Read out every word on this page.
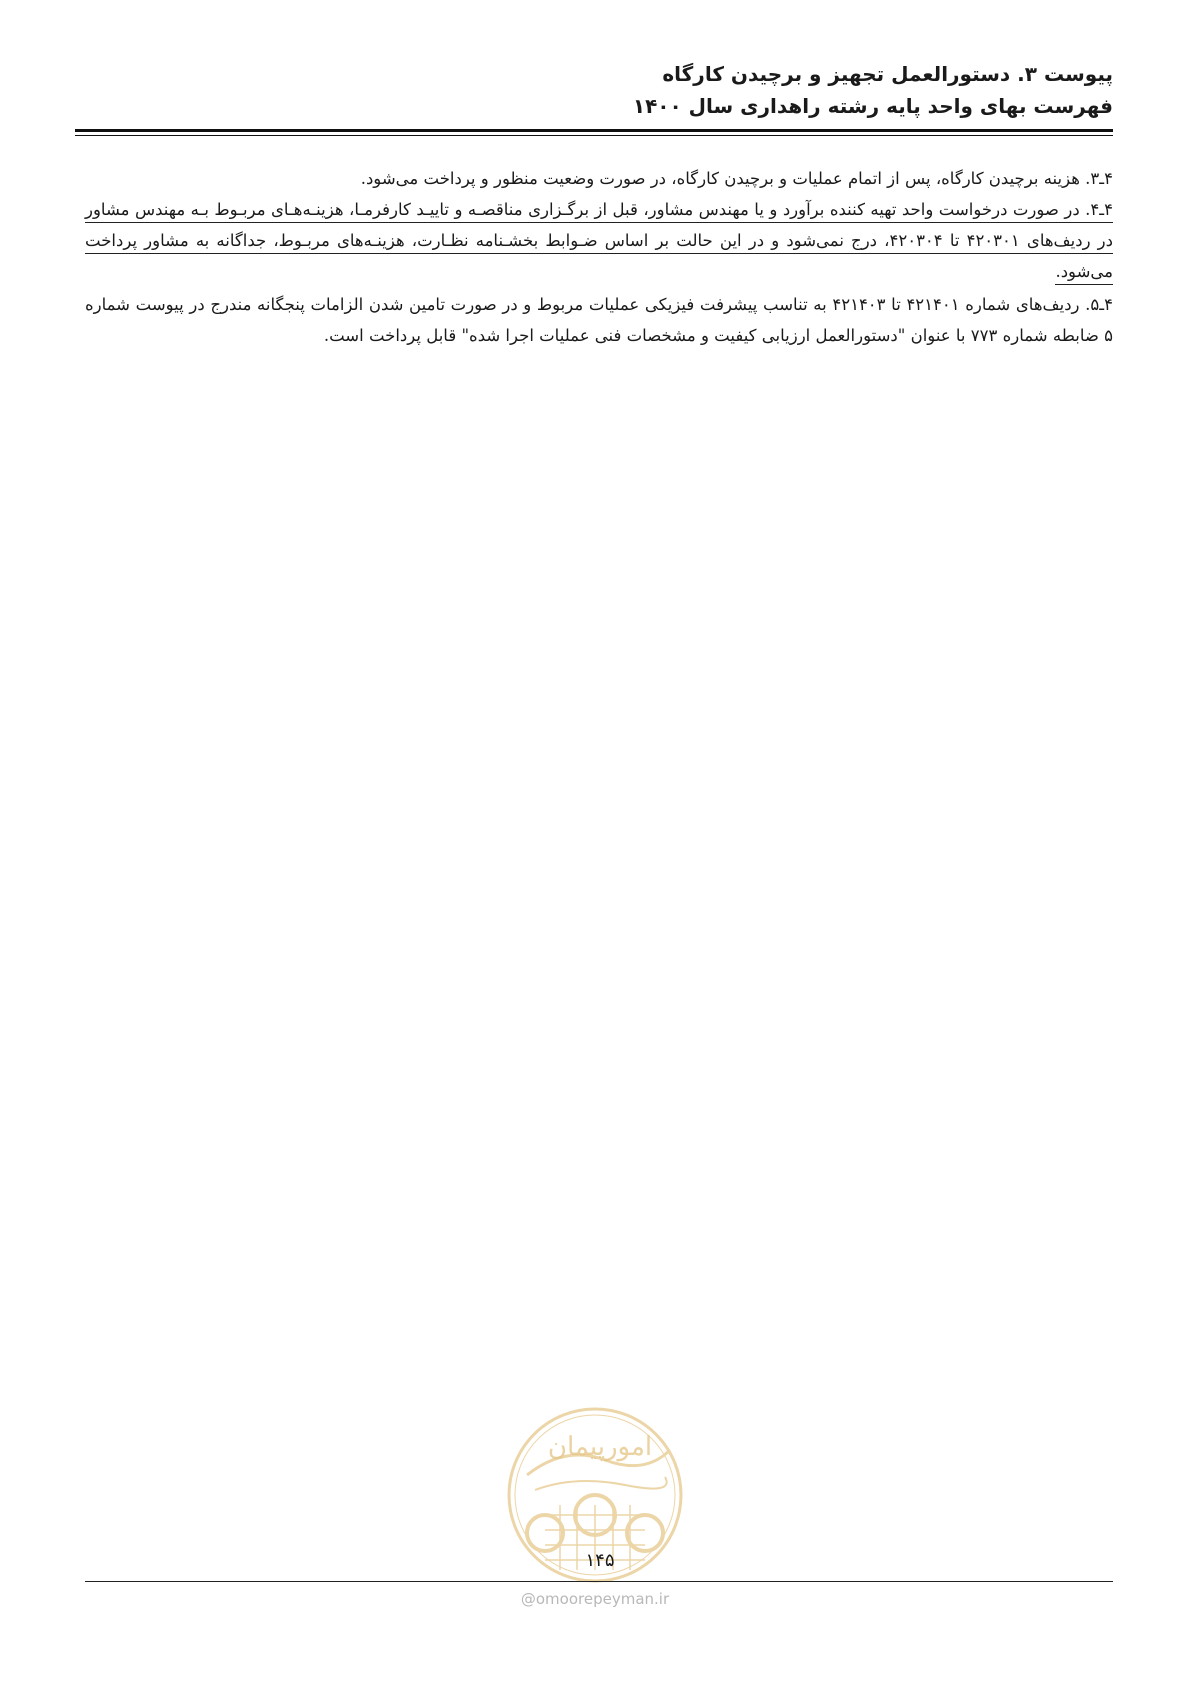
پیوست ۳. دستورالعمل تجهیز و برچیدن کارگاه
فهرست بهای واحد پایه رشته راهداری سال ۱۴۰۰

۴ـ۳. هزینه برچیدن کارگاه، پس از اتمام عملیات و برچیدن کارگاه، در صورت وضعیت منظور و پرداخت می‌شود.

۴ـ۴. در صورت درخواست واحد تهیه کننده برآورد و یا مهندس مشاور، قبل از برگـزاری مناقصـه و تاییـد کارفرمـا، هزینـه‌هـای مربـوط بـه مهندس مشاور در ردیف‌های ۴۲۰۳۰۱ تا ۴۲۰۳۰۴، درج نمی‌شود و در این حالت بر اساس ضـوابط بخشـنامه نظـارت، هزینـه‌های مربـوط، جداگانه به مشاور پرداخت می‌شود.

۴ـ۵. ردیف‌های شماره ۴۲۱۴۰۱ تا ۴۲۱۴۰۳ به تناسب پیشرفت فیزیکی عملیات مربوط و در صورت تامین شدن الزامات پنجگانه مندرج در پیوست شماره ۵ ضابطه شماره ۷۷۳ با عنوان "دستورالعمل ارزیابی کیفیت و مشخصات فنی عملیات اجرا شده" قابل پرداخت است.

امورپیمان
۱۴۵
@omoorepeyman.ir
